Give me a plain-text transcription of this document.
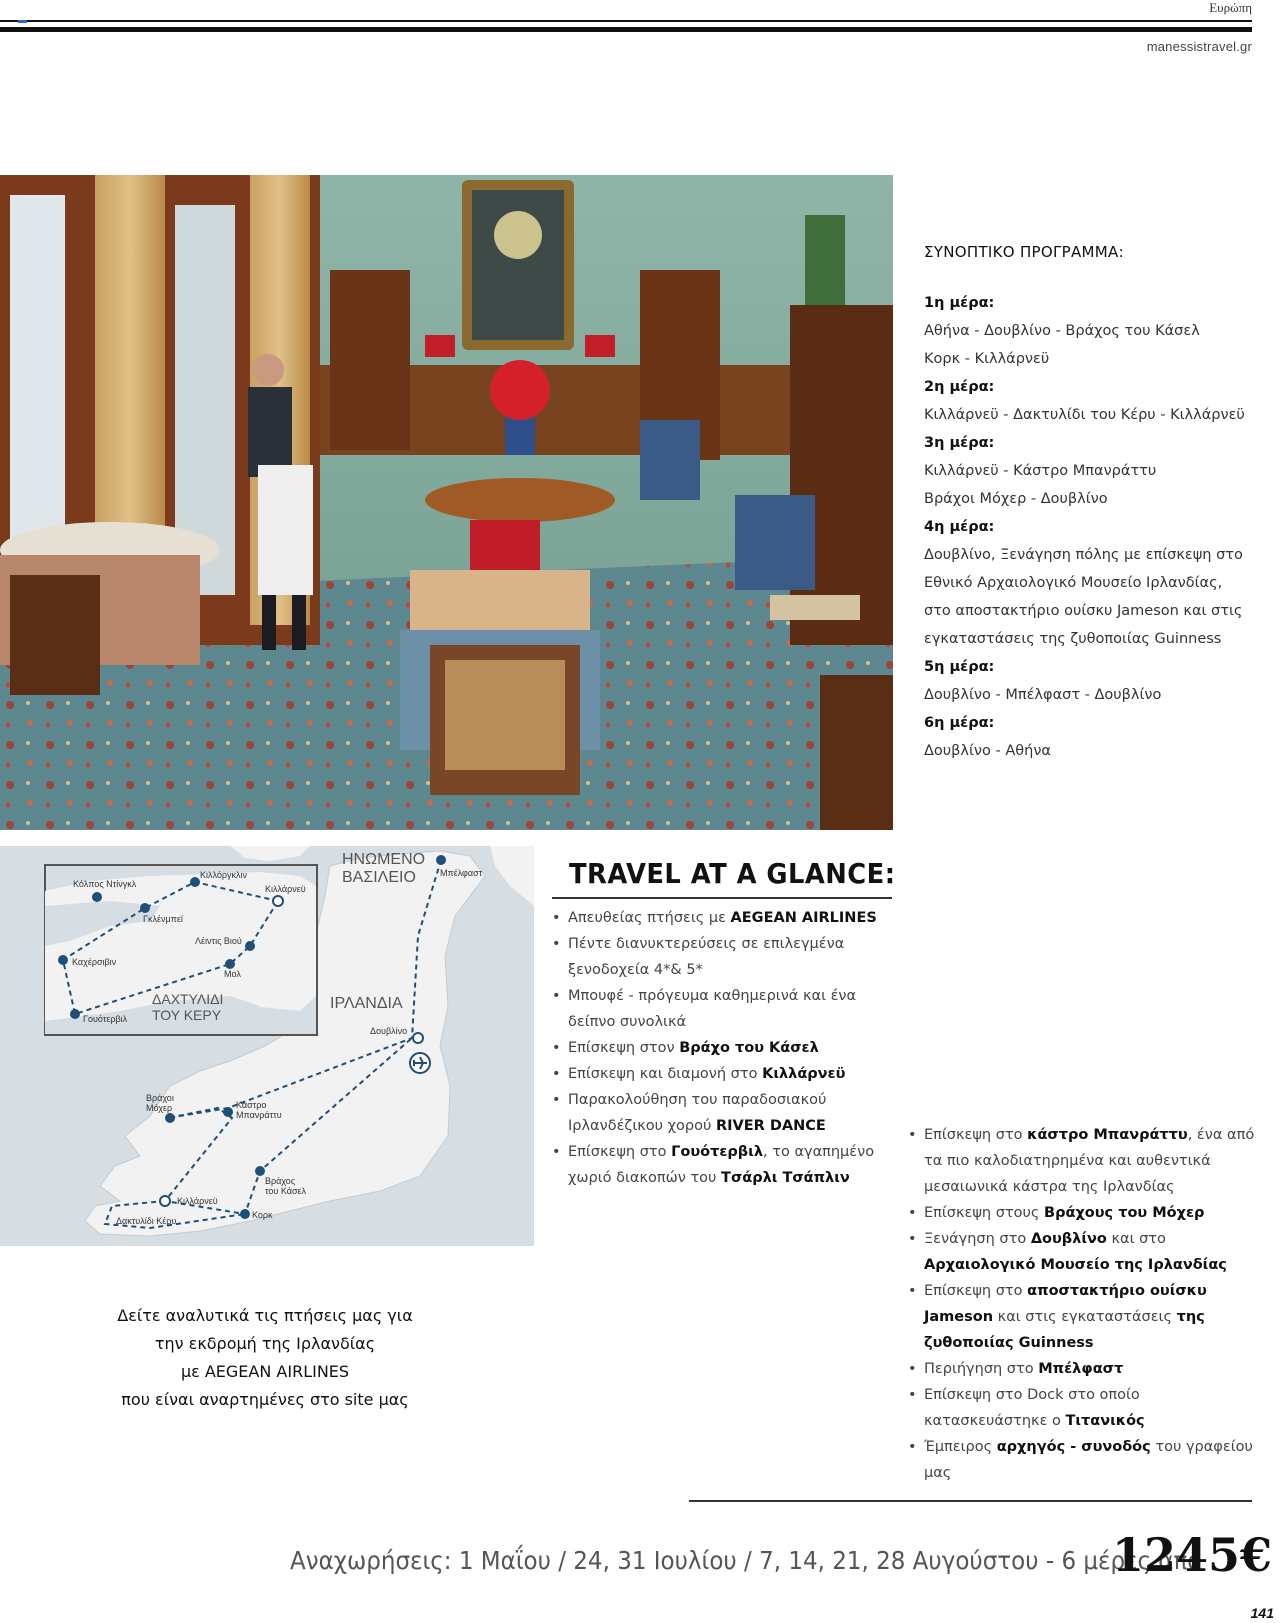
Ευρώπη
manessistravel.gr
ΣΥΝΟΠΤΙΚΟ ΠΡΟΓΡΑΜΜΑ:
1η μέρα:
Αθήνα - Δουβλίνο - Βράχος του Κάσελ
Κορκ - Κιλλάρνεϋ
2η μέρα:
Κιλλάρνεϋ - Δακτυλίδι του Κέρυ - Κιλλάρνεϋ
3η μέρα:
Κιλλάρνεϋ - Κάστρο Μπανράττυ
Βράχοι Μόχερ - Δουβλίνο
4η μέρα:
Δουβλίνο, Ξενάγηση πόλης με επίσκεψη στο
Εθνικό Αρχαιολογικό Μουσείο Ιρλανδίας,
στο αποστακτήριο ουίσκυ Jameson και στις
εγκαταστάσεις της ζυθοποιίας Guinness
5η μέρα:
Δουβλίνο - Μπέλφαστ - Δουβλίνο
6η μέρα:
Δουβλίνο - Αθήνα
Κόλπος Ντίνγκλ
Κιλλόργκλιν
Κιλλάρνεϋ
Γκλένμπεϊ
Λέιντις Βιού
Καχέρσιβιν
Μολ
Γουότερβιλ
ΔΑΧΤΥΛΙΔΙ
ΤΟΥ ΚΕΡΥ
ΗΝΩΜΕΝΟ
ΒΑΣΙΛΕΙΟ
ΙΡΛΑΝΔΙΑ
Μπέλφαστ
Δουβλίνο
Βράχοι
Μόχερ	Κάστρο
Μπανράττυ
Βράχος
του Κάσελ
Κιλλάρνεϋ
Κορκ
Δακτυλίδι Κέρυ
TRAVEL AT A GLANCE:
• Απευθείας πτήσεις με AEGEAN AIRLINES
• Πέντε διανυκτερεύσεις σε επιλεγμένα ξενοδοχεία 4*& 5*
• Μπουφέ - πρόγευμα καθημερινά και ένα δείπνο συνολικά
• Επίσκεψη στον Βράχο του Κάσελ
• Επίσκεψη και διαμονή στο Κιλλάρνεϋ
• Παρακολούθηση του παραδοσιακού Ιρλανδέζικου χορού RIVER DANCE
• Επίσκεψη στο Γουότερβιλ, το αγαπημένο χωριό διακοπών του Τσάρλι Τσάπλιν
• Επίσκεψη στο κάστρο Μπανράττυ, ένα από τα πιο καλοδιατηρημένα και αυθεντικά μεσαιωνικά κάστρα της Ιρλανδίας
• Επίσκεψη στους Βράχους του Μόχερ
• Ξενάγηση στο Δουβλίνο και στο Αρχαιολογικό Μουσείο της Ιρλανδίας
• Επίσκεψη στο αποστακτήριο ουίσκυ Jameson και στις εγκαταστάσεις της ζυθοποιίας Guinness
• Περιήγηση στο Μπέλφαστ
• Επίσκεψη στο Dock στο οποίο κατασκευάστηκε ο Τιτανικός
• Έμπειρος αρχηγός - συνοδός του γραφείου μας
Δείτε αναλυτικά τις πτήσεις μας για
την εκδρομή της Ιρλανδίας
με AEGEAN AIRLINES
που είναι αναρτημένες στο site μας
Αναχωρήσεις: 1 Μαΐου / 24, 31 Ιουλίου / 7, 14, 21, 28 Αυγούστου - 6 μέρες από
1245€
141
